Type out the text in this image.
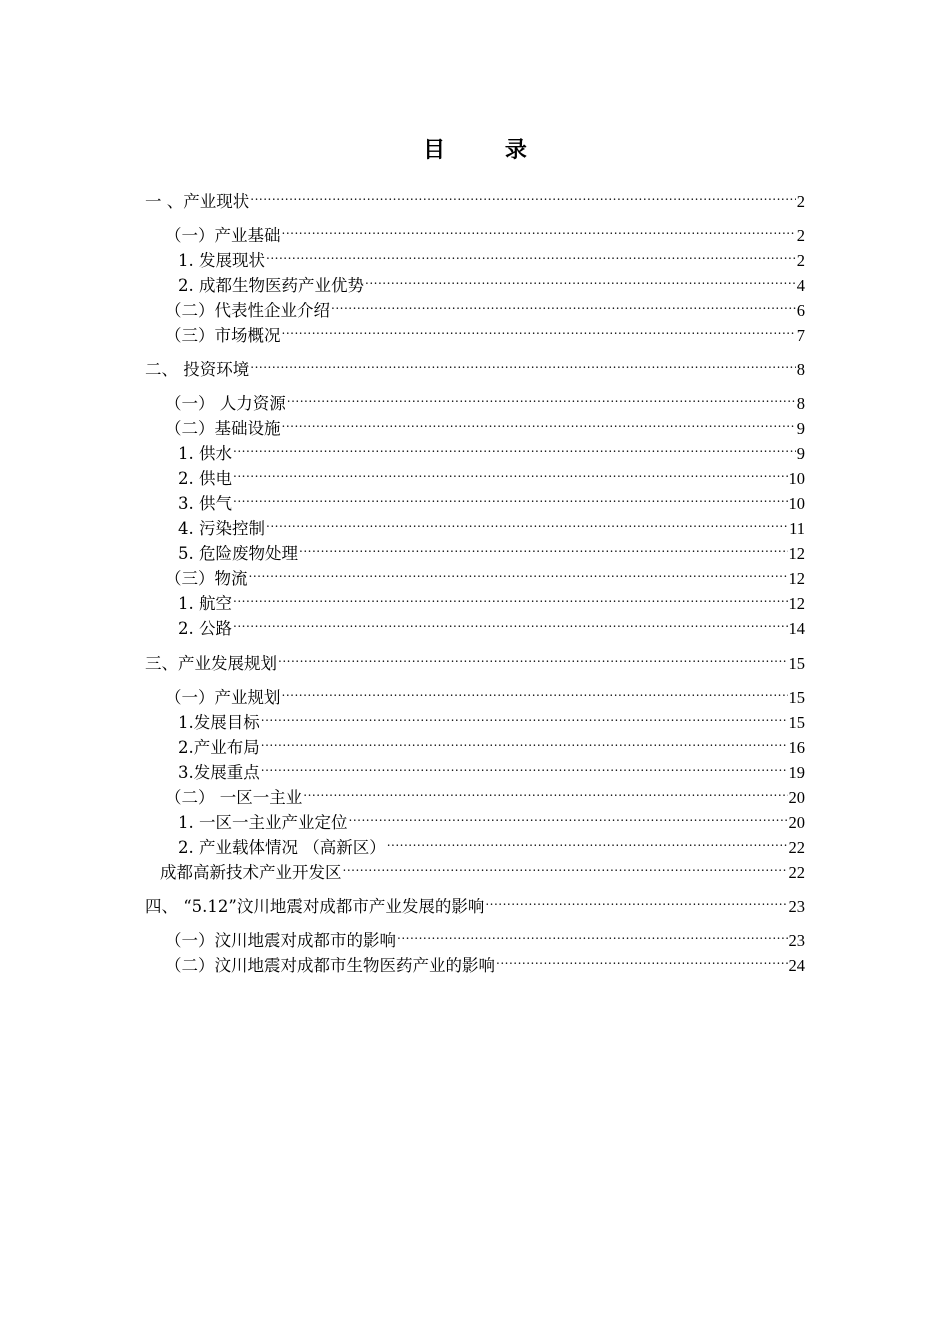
目 录
一 、产业现状 .....	2
（一）产业基础 .....	2
1. 发展现状 .....	2
2. 成都生物医药产业优势 .....	4
（二）代表性企业介绍 .....	6
（三）市场概况 .....	7
二、 投资环境 .....	8
（一） 人力资源 .....	8
（二）基础设施 .....	9
1. 供水 .....	9
2. 供电 .....	10
3. 供气 .....	10
4. 污染控制 .....	11
5. 危险废物处理 .....	12
（三）物流 .....	12
1. 航空 .....	12
2. 公路 .....	14
三、产业发展规划 .....	15
（一）产业规划 .....	15
1.发展目标 .....	15
2.产业布局 .....	16
3.发展重点 .....	19
（二） 一区一主业 .....	20
1. 一区一主业产业定位 .....	20
2. 产业载体情况 （高新区） .....	22
成都高新技术产业开发区 .....	22
四、 “5.12”汶川地震对成都市产业发展的影响 .....	23
（一）汶川地震对成都市的影响 .....	23
（二）汶川地震对成都市生物医药产业的影响 .....	24
